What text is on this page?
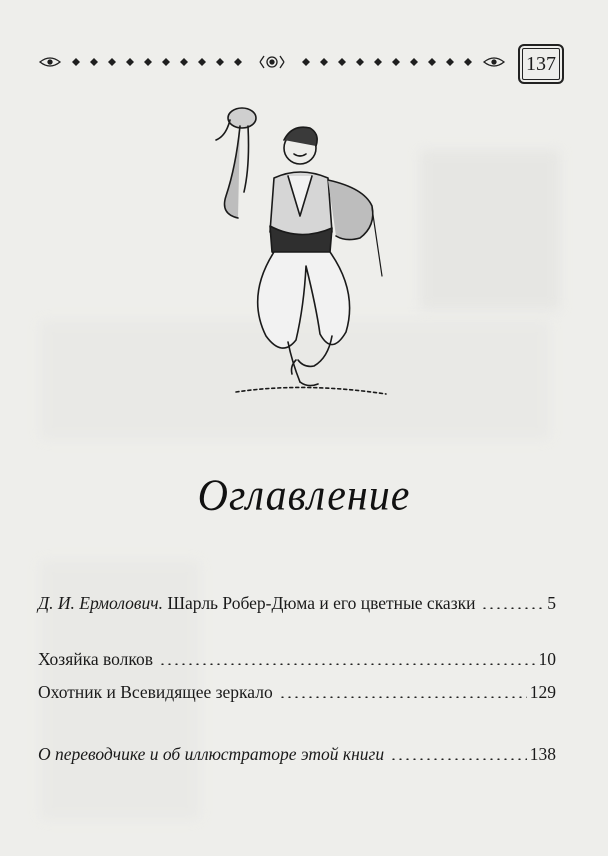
137
Оглавление
Д. И. Ермолович. Шарль Робер-Дюма и его цветные сказки	5
Хозяйка волков	10
Охотник и Всевидящее зеркало	129
О переводчике и об иллюстраторе этой книги	138
